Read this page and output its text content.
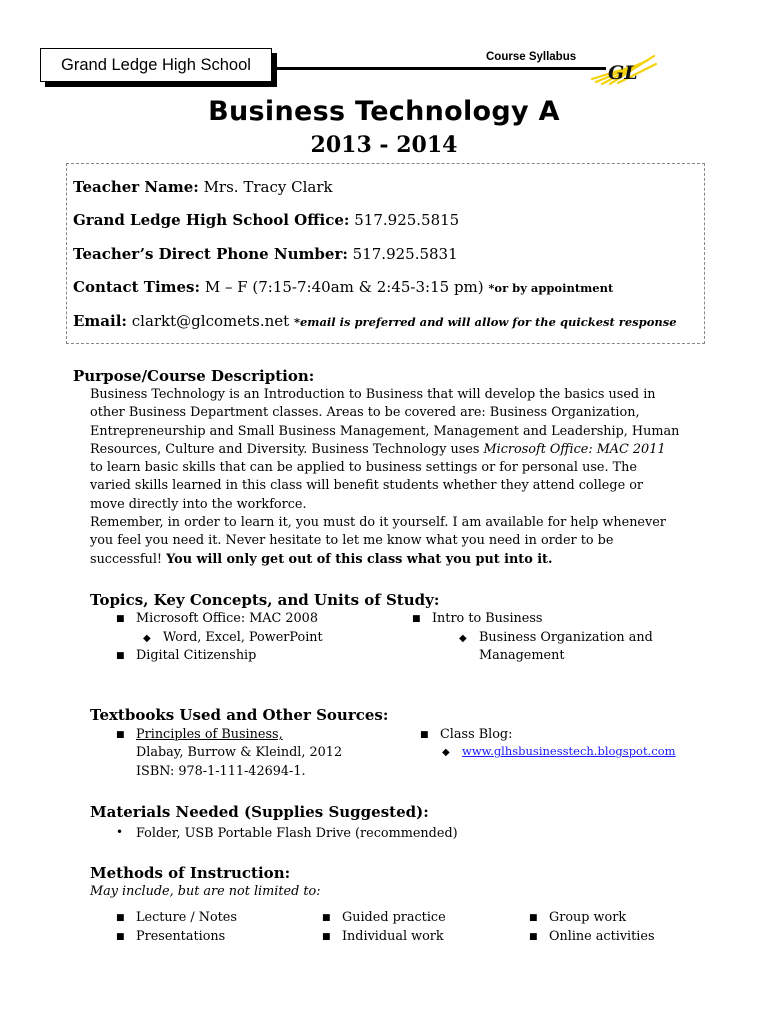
Grand Ledge High School	Course Syllabus
GL
Business Technology A
2013 - 2014
Teacher Name: Mrs. Tracy Clark
Grand Ledge High School Office: 517.925.5815
Teacher’s Direct Phone Number: 517.925.5831
Contact Times: M – F (7:15-7:40am & 2:45-3:15 pm) *or by appointment
Email: clarkt@glcomets.net *email is preferred and will allow for the quickest response
Purpose/Course Description:

Business Technology is an Introduction to Business that will develop the basics used in other Business Department classes. Areas to be covered are: Business Organization, Entrepreneurship and Small Business Management, Management and Leadership, Human Resources, Culture and Diversity. Business Technology uses Microsoft Office: MAC 2011 to learn basic skills that can be applied to business settings or for personal use. The varied skills learned in this class will benefit students whether they attend college or move directly into the workforce.

Remember, in order to learn it, you must do it yourself. I am available for help whenever you feel you need it. Never hesitate to let me know what you need in order to be successful! You will only get out of this class what you put into it.

Topics, Key Concepts, and Units of Study:
■ Microsoft Office: MAC 2008
◆ Word, Excel, PowerPoint
■ Digital Citizenship
■ Intro to Business
◆ Business Organization and
Management
Textbooks Used and Other Sources:
■ Principles of Business,
Dlabay, Burrow & Kleindl, 2012
ISBN: 978-1-111-42694-1.
■ Class Blog:
◆ www.glhsbusinesstech.blogspot.com
Materials Needed (Supplies Suggested):
• Folder, USB Portable Flash Drive (recommended)
Methods of Instruction:
May include, but are not limited to:
■ Lecture / Notes
■ Presentations
■ Guided practice
■ Individual work
■ Group work
■ Online activities
